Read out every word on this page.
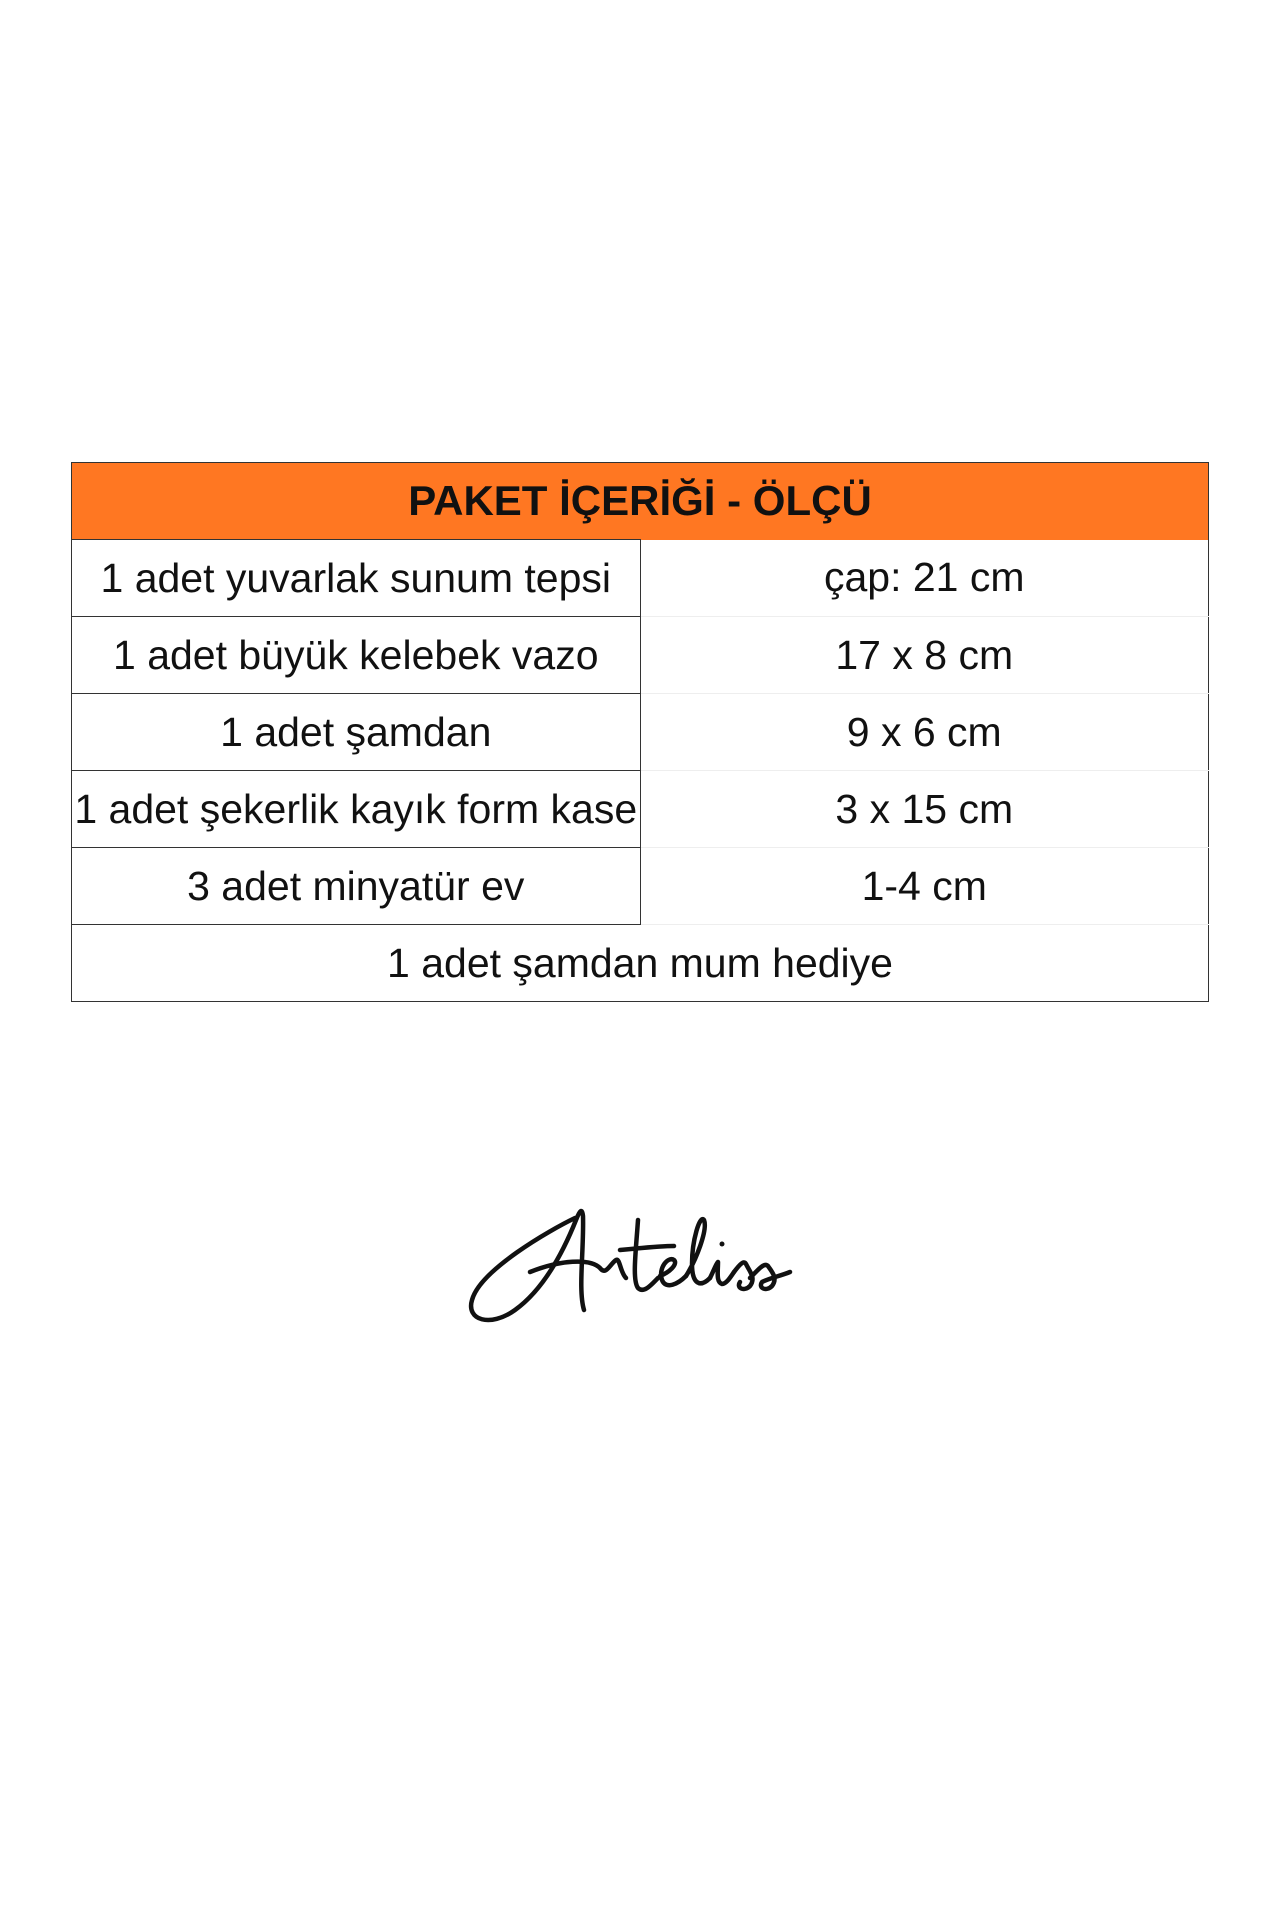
PAKET İÇERİĞİ - ÖLÇÜ	
1 adet yuvarlak sunum tepsi	çap: 21 cm
1 adet büyük kelebek vazo	17 x 8 cm
1 adet şamdan	9 x 6 cm
1 adet şekerlik kayık form kase	3 x 15 cm
3 adet minyatür ev	1-4 cm
1 adet şamdan mum hediye	
